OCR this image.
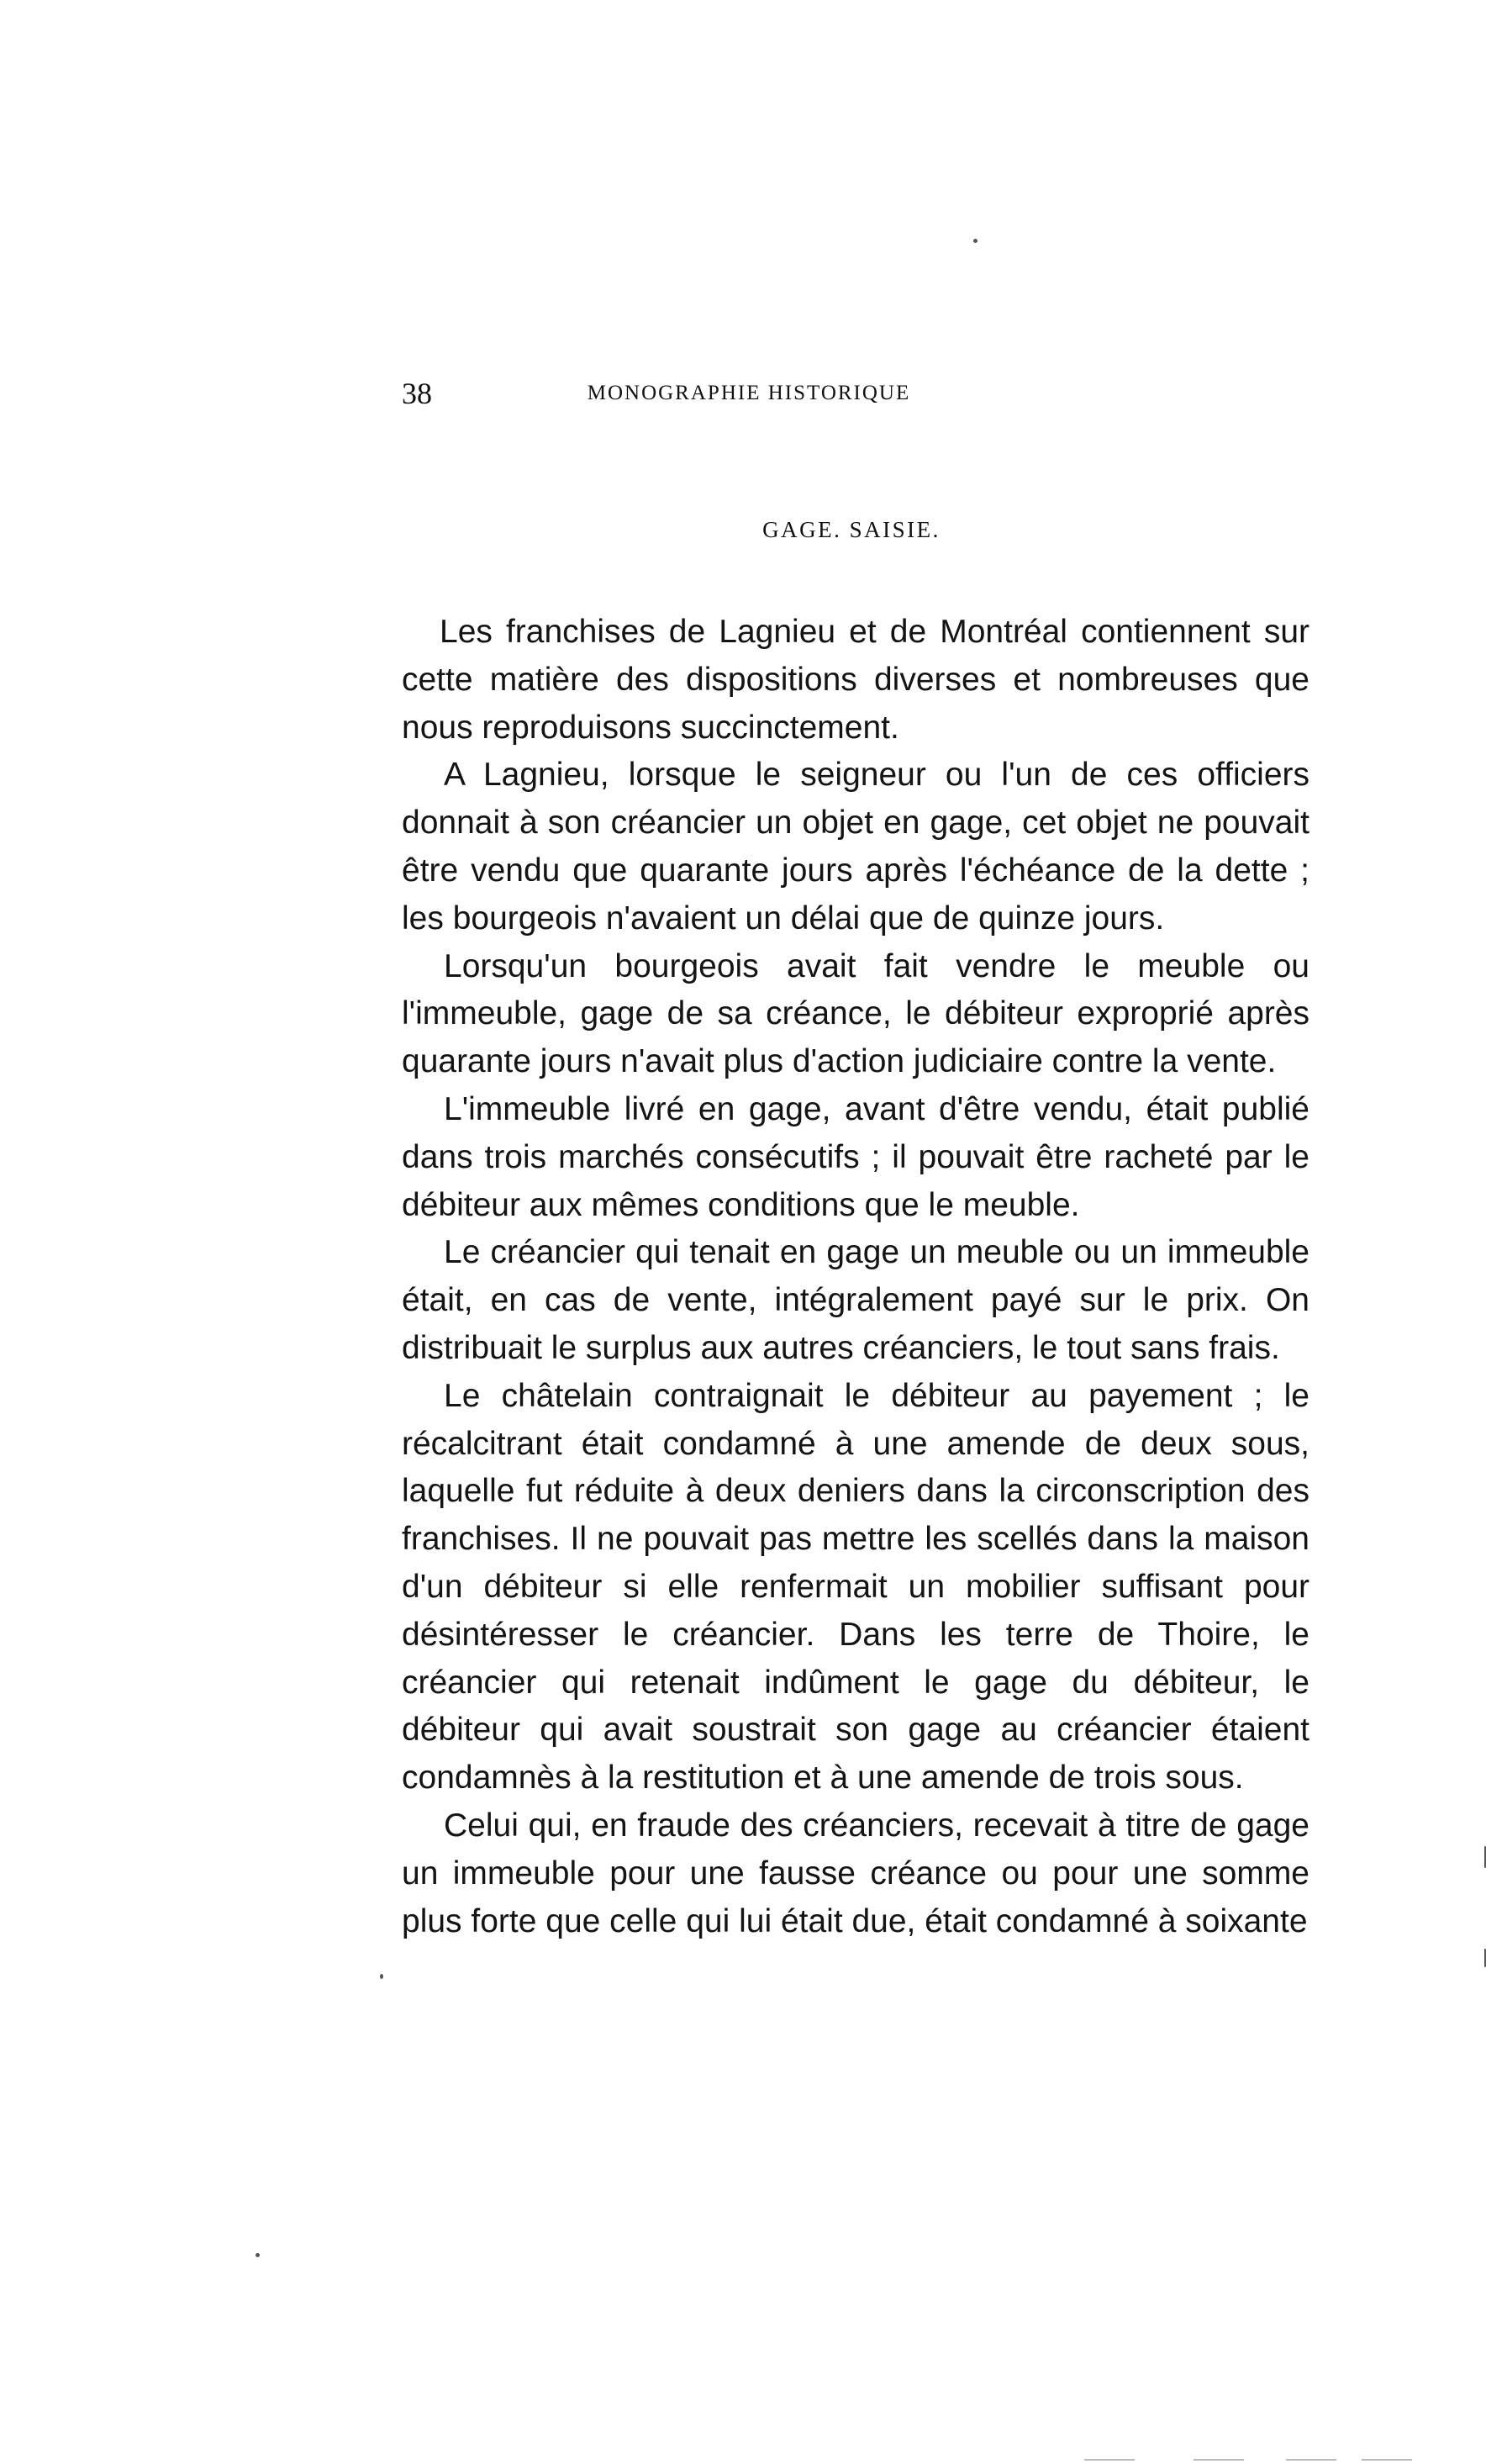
38	MONOGRAPHIE HISTORIQUE
GAGE. SAISIE.

Les franchises de Lagnieu et de Montréal contiennent sur cette matière des dispositions diverses et nombreuses que nous reproduisons succinctement.

A Lagnieu, lorsque le seigneur ou l'un de ces officiers donnait à son créancier un objet en gage, cet objet ne pouvait être vendu que quarante jours après l'échéance de la dette ; les bourgeois n'avaient un délai que de quinze jours.

Lorsqu'un bourgeois avait fait vendre le meuble ou l'immeuble, gage de sa créance, le débiteur exproprié après quarante jours n'avait plus d'action judiciaire contre la vente.

L'immeuble livré en gage, avant d'être vendu, était publié dans trois marchés consécutifs ; il pouvait être racheté par le débiteur aux mêmes conditions que le meuble.

Le créancier qui tenait en gage un meuble ou un immeuble était, en cas de vente, intégralement payé sur le prix. On distribuait le surplus aux autres créanciers, le tout sans frais.

Le châtelain contraignait le débiteur au payement ; le récalcitrant était condamné à une amende de deux sous, laquelle fut réduite à deux deniers dans la circonscription des franchises. Il ne pouvait pas mettre les scellés dans la maison d'un débiteur si elle renfermait un mobilier suffisant pour désintéresser le créancier. Dans les terre de Thoire, le créancier qui retenait indûment le gage du débiteur, le débiteur qui avait soustrait son gage au créancier étaient condamnès à la restitution et à une amende de trois sous.

Celui qui, en fraude des créanciers, recevait à titre de gage un immeuble pour une fausse créance ou pour une somme plus forte que celle qui lui était due, était condamné à soixante
